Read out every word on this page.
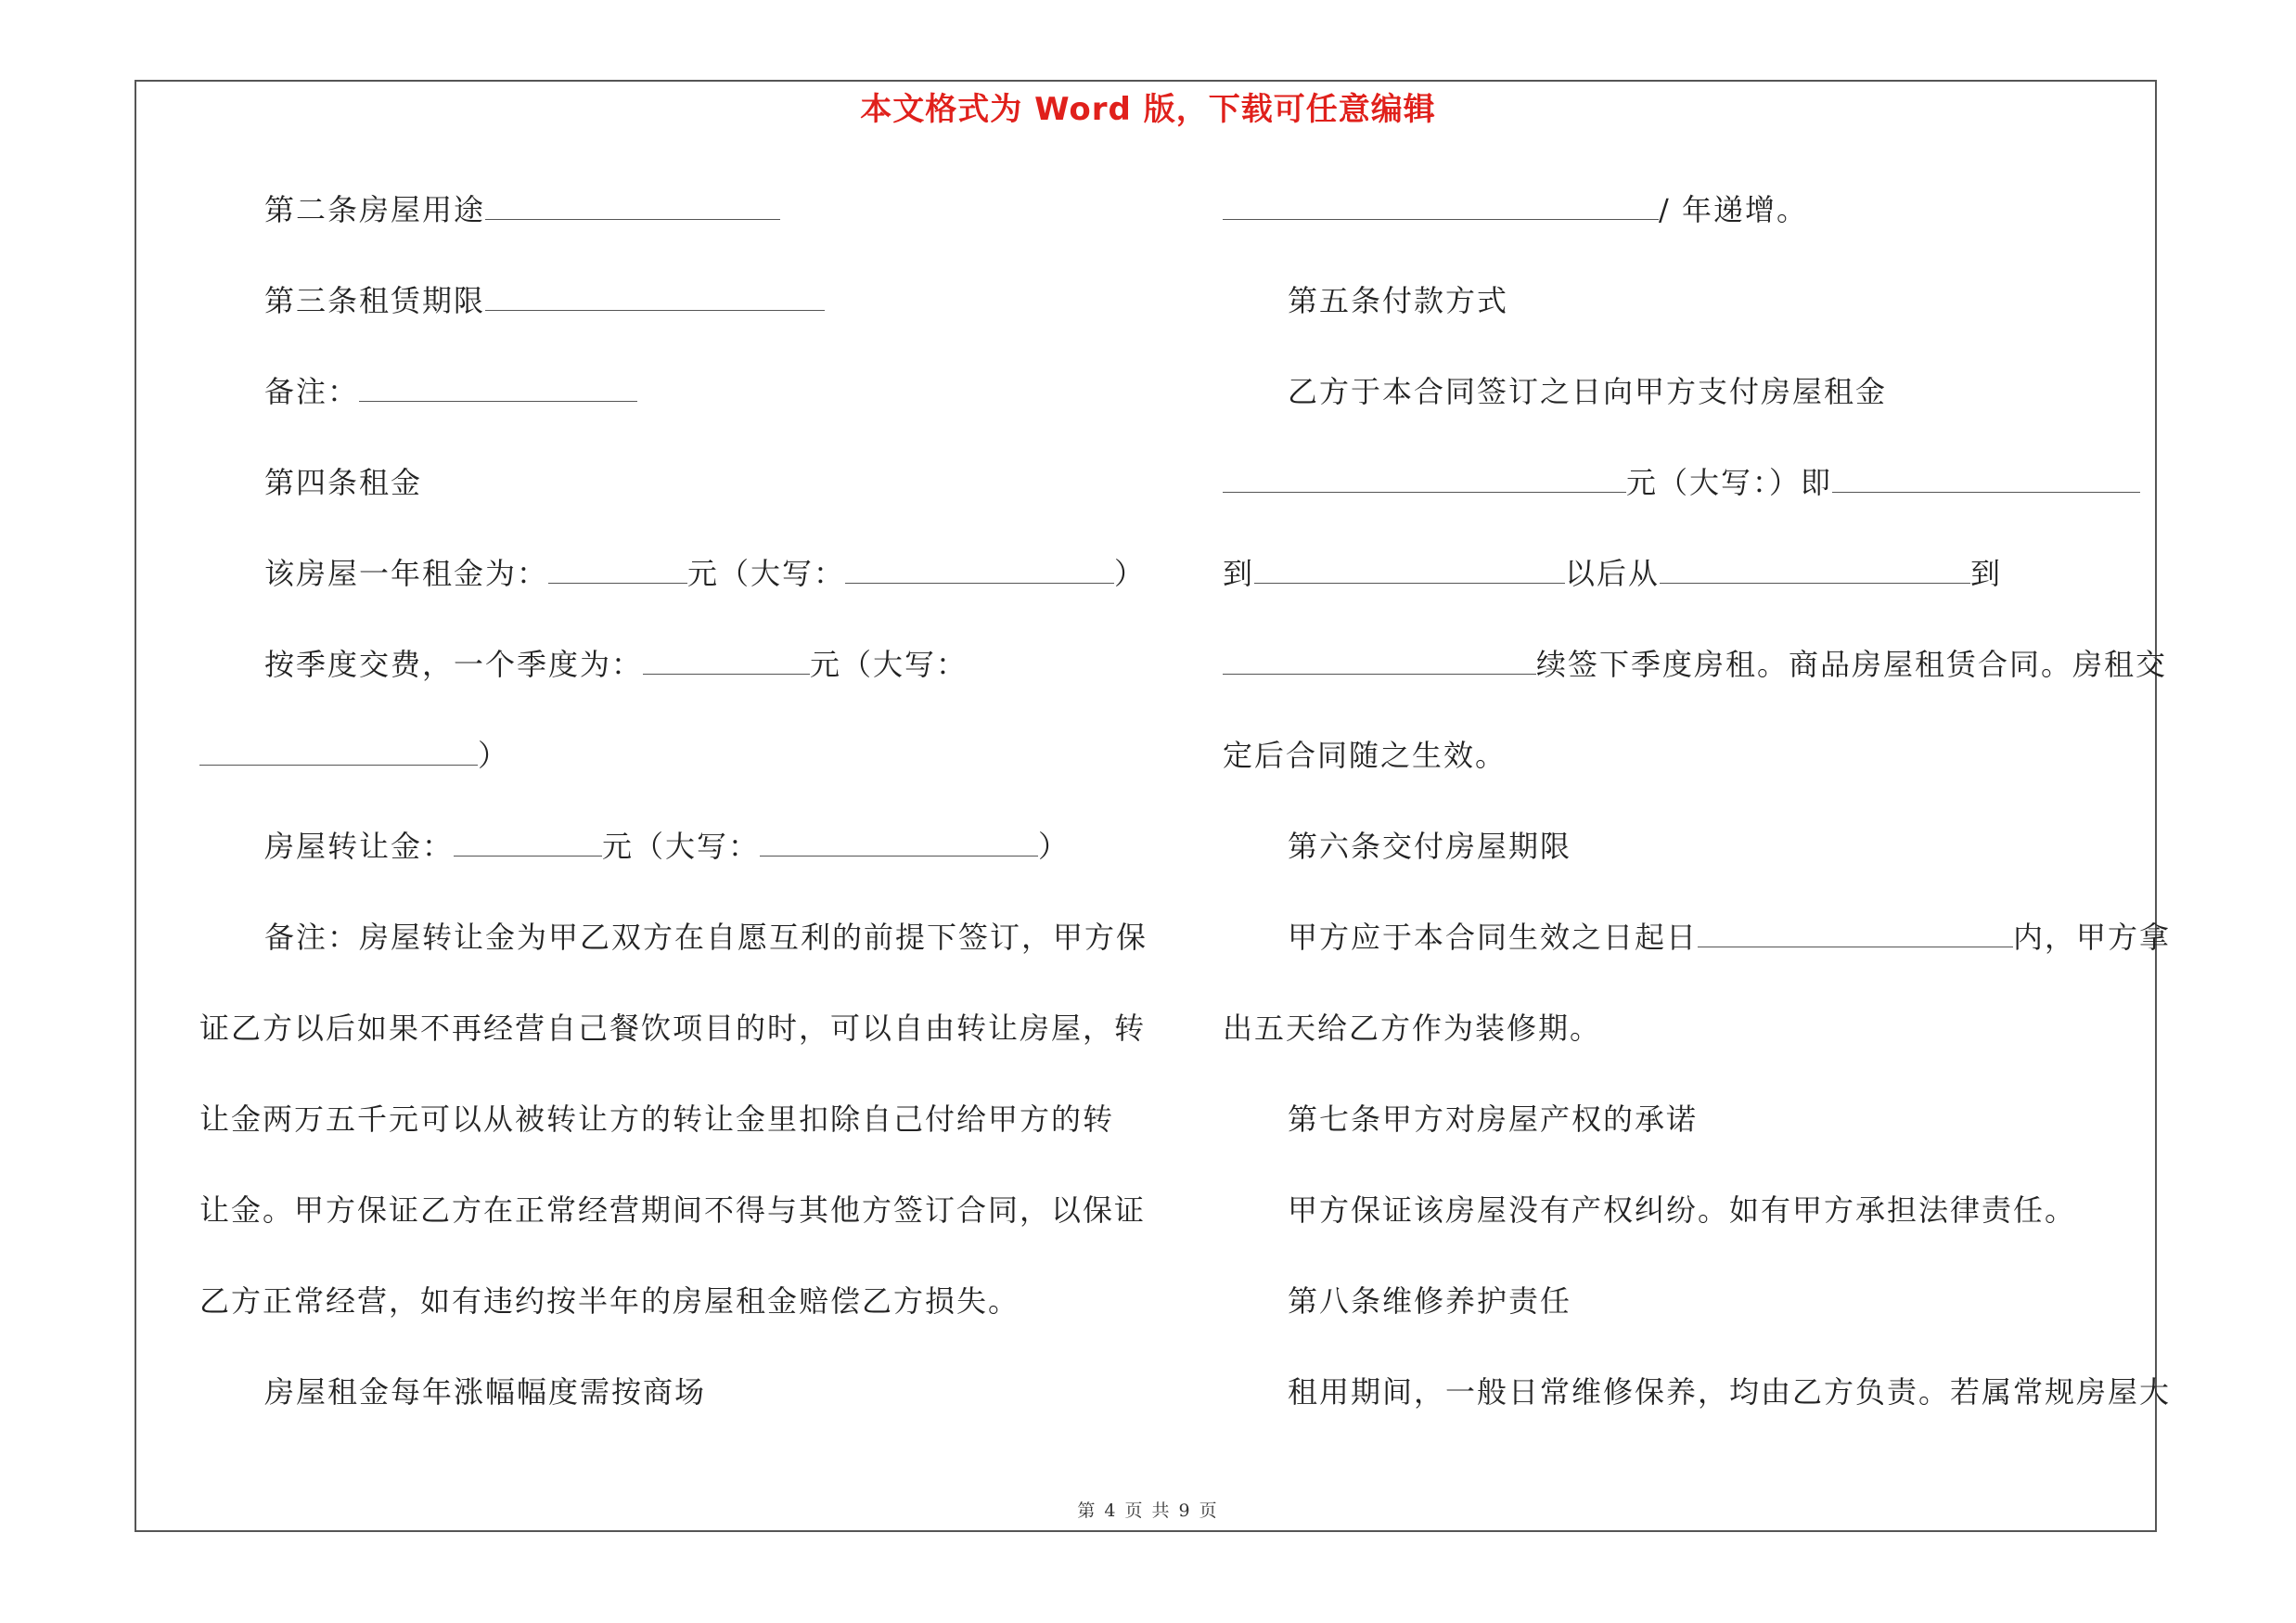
本文格式为 Word 版，下载可任意编辑
第二条房屋用途
第三条租赁期限
备注：
第四条租金
该房屋一年租金为：	元（大写：	）
按季度交费，一个季度为：	元（大写：
）
房屋转让金：	元（大写：	）
备注：房屋转让金为甲乙双方在自愿互利的前提下签订，甲方保
证乙方以后如果不再经营自己餐饮项目的时，可以自由转让房屋，转
让金两万五千元可以从被转让方的转让金里扣除自己付给甲方的转
让金。甲方保证乙方在正常经营期间不得与其他方签订合同，以保证
乙方正常经营，如有违约按半年的房屋租金赔偿乙方损失。
房屋租金每年涨幅幅度需按商场
/ 年递增。
第五条付款方式
乙方于本合同签订之日向甲方支付房屋租金
元（大写：）即
到	以后从	到
续签下季度房租。商品房屋租赁合同。房租交
定后合同随之生效。
第六条交付房屋期限
甲方应于本合同生效之日起日	内，甲方拿
出五天给乙方作为装修期。
第七条甲方对房屋产权的承诺
甲方保证该房屋没有产权纠纷。如有甲方承担法律责任。
第八条维修养护责任
租用期间，一般日常维修保养，均由乙方负责。若属常规房屋大
第 4 页 共 9 页
